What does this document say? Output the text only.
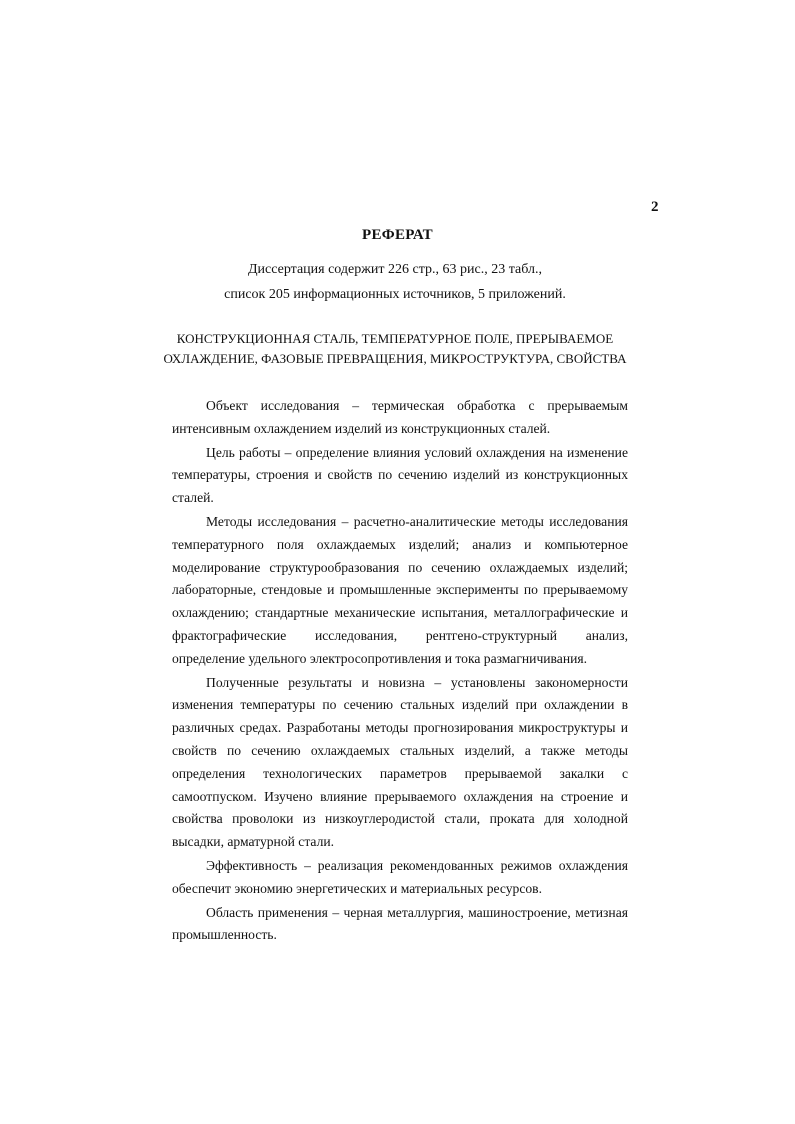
2
РЕФЕРАТ
Диссертация содержит 226 стр., 63 рис., 23 табл.,
список 205 информационных источников, 5 приложений.
КОНСТРУКЦИОННАЯ СТАЛЬ, ТЕМПЕРАТУРНОЕ ПОЛЕ, ПРЕРЫВАЕМОЕ
ОХЛАЖДЕНИЕ, ФАЗОВЫЕ ПРЕВРАЩЕНИЯ, МИКРОСТРУКТУРА, СВОЙСТВА

Объект исследования – термическая обработка с прерываемым интенсивным охлаждением изделий из конструкционных сталей.

Цель работы – определение влияния условий охлаждения на изменение температуры, строения и свойств по сечению изделий из конструкционных сталей.

Методы исследования – расчетно-аналитические методы исследования температурного поля охлаждаемых изделий; анализ и компьютерное моделирование структурообразования по сечению охлаждаемых изделий; лабораторные, стендовые и промышленные эксперименты по прерываемому охлаждению; стандартные механические испытания, металлографические и фрактографические исследования, рентгено-структурный анализ, определение удельного электросопротивления и тока размагничивания.

Полученные результаты и новизна – установлены закономерности изменения температуры по сечению стальных изделий при охлаждении в различных средах. Разработаны методы прогнозирования микроструктуры и свойств по сечению охлаждаемых стальных изделий, а также методы определения технологических параметров прерываемой закалки с самоотпуском. Изучено влияние прерываемого охлаждения на строение и свойства проволоки из низкоуглеродистой стали, проката для холодной высадки, арматурной стали.

Эффективность – реализация рекомендованных режимов охлаждения обеспечит экономию энергетических и материальных ресурсов.

Область применения – черная металлургия, машиностроение, метизная промышленность.
